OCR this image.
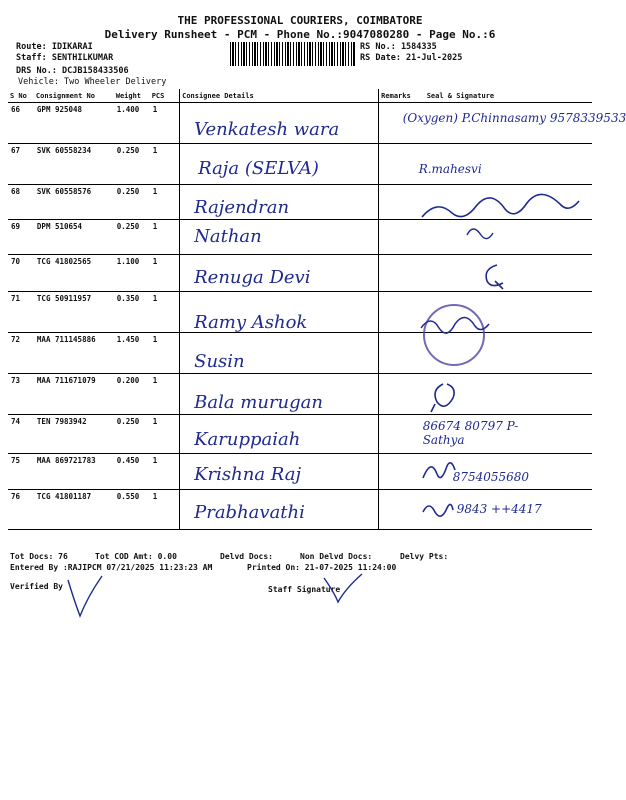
THE PROFESSIONAL COURIERS, COIMBATORE
Delivery Runsheet - PCM - Phone No.:9047080280 - Page No.:6
Route: IDIKARAI
Staff: SENTHILKUMAR
DRS No.: DCJB158433506
Vehicle: Two Wheeler Delivery
RS No.: 1584335
RS Date: 21-Jul-2025
S No	Consignment No	Weight	PCS	Consignee Details	Remarks	Seal & Signature
66	GPM 925048	1.400	1	Venkatesh wara		(Oxygen) P.Chinnasamy 9578339533

67	SVK 60558234	0.250	1	Raja (SELVA)		R.mahesvi

68	SVK 60558576	0.250	1	Rajendran

69	DPM 510654	0.250	1	Nathan		

70	TCG 41802565	1.100	1	Renuga Devi

71	TCG 50911957	0.350	1	Ramy Ashok

72	MAA 711145886	1.450	1	Susin		

73	MAA 711671079	0.200	1	Bala murugan

74	TEN 7983942	0.250	1	Karuppaiah		86674 80797 P-Sathya

75	MAA 869721783	0.450	1	Krishna Raj		8754055680

76	TCG 41801187	0.550	1	Prabhavathi		9843 ++4417
Tot Docs: 76	Tot COD Amt: 0.00	Delvd Docs:	Non Delvd Docs:	Delvy Pts:
Entered By :RAJIPCM 07/21/2025 11:23:23 AM	Printed On: 21-07-2025 11:24:00
Verified By	Staff Signature
